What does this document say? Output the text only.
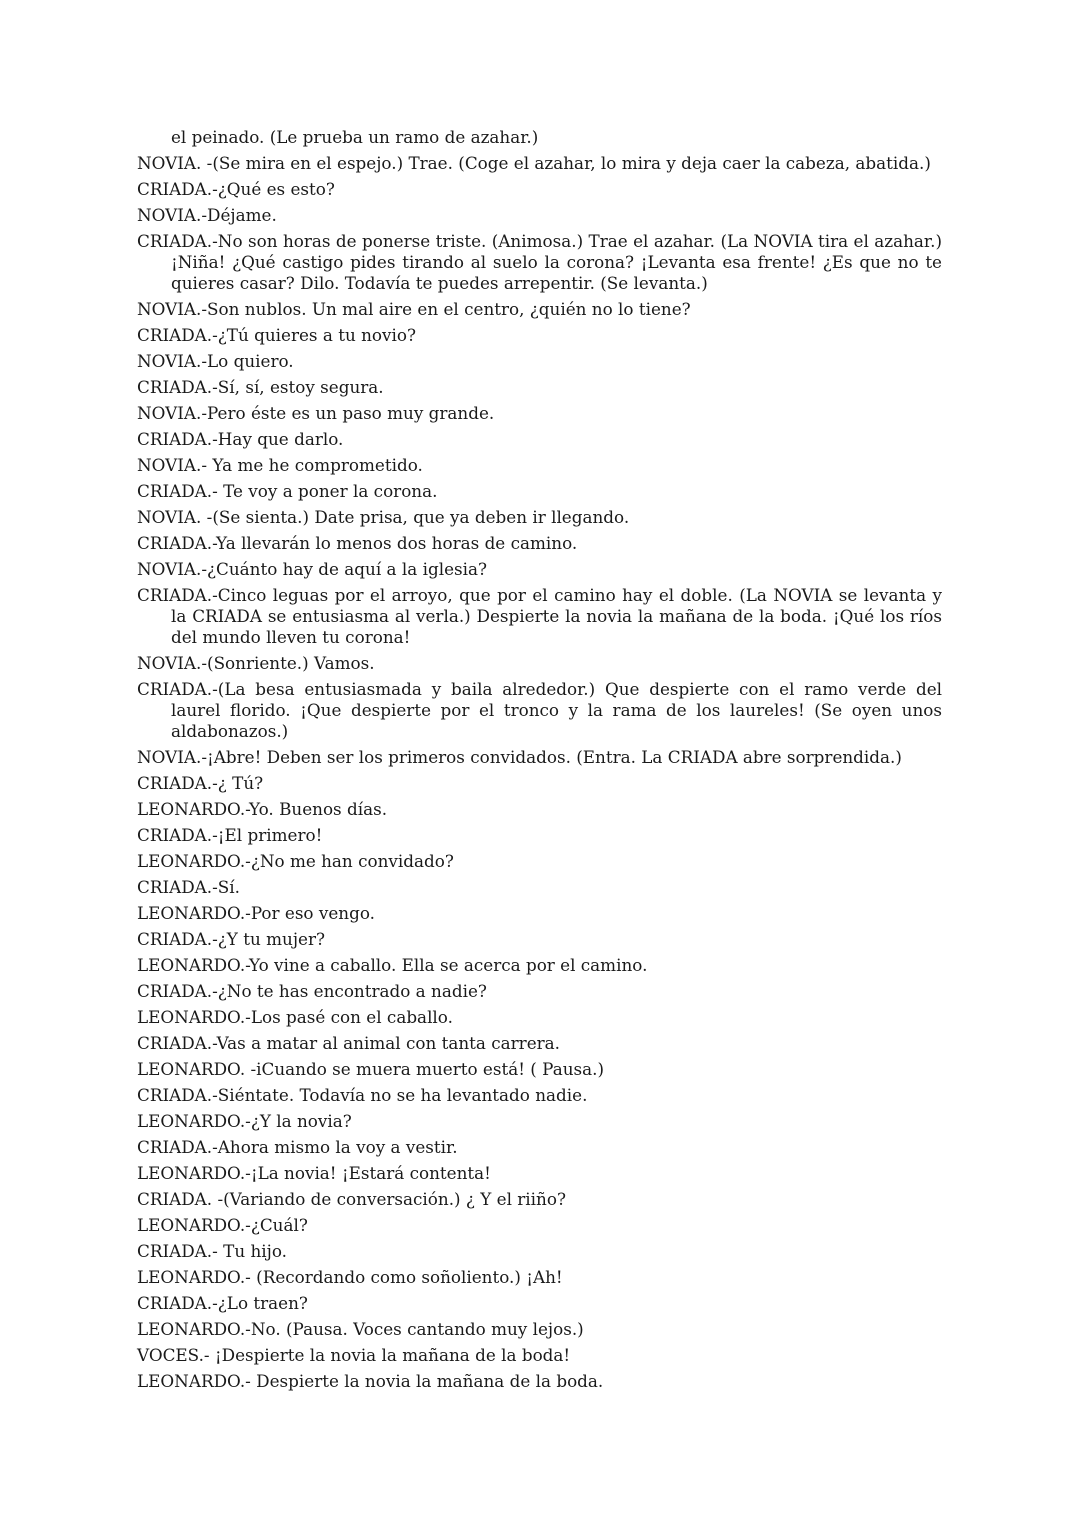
el peinado. (Le prueba un ramo de azahar.)

NOVIA. -(Se mira en el espejo.) Trae. (Coge el azahar, lo mira y deja caer la cabeza, abatida.)

CRIADA.-¿Qué es esto?

NOVIA.-Déjame.

CRIADA.-No son horas de ponerse triste. (Animosa.) Trae el azahar. (La NOVIA tira el azahar.) ¡Niña! ¿Qué castigo pides tirando al suelo la corona? ¡Levanta esa frente! ¿Es que no te quieres casar? Dilo. Todavía te puedes arrepentir. (Se levanta.)

NOVIA.-Son nublos. Un mal aire en el centro, ¿quién no lo tiene?

CRIADA.-¿Tú quieres a tu novio?

NOVIA.-Lo quiero.

CRIADA.-Sí, sí, estoy segura.

NOVIA.-Pero éste es un paso muy grande.

CRIADA.-Hay que darlo.

NOVIA.- Ya me he comprometido.

CRIADA.- Te voy a poner la corona.

NOVIA. -(Se sienta.) Date prisa, que ya deben ir llegando.

CRIADA.-Ya llevarán lo menos dos horas de camino.

NOVIA.-¿Cuánto hay de aquí a la iglesia?

CRIADA.-Cinco leguas por el arroyo, que por el camino hay el doble. (La NOVIA se levanta y la CRIADA se entusiasma al verla.) Despierte la novia la mañana de la boda. ¡Qué los ríos del mundo lleven tu corona!

NOVIA.-(Sonriente.) Vamos.

CRIADA.-(La besa entusiasmada y baila alrededor.) Que despierte con el ramo verde del laurel florido. ¡Que despierte por el tronco y la rama de los laureles! (Se oyen unos aldabonazos.)

NOVIA.-¡Abre! Deben ser los primeros convidados. (Entra. La CRIADA abre sorprendida.)

CRIADA.-¿ Tú?

LEONARDO.-Yo. Buenos días.

CRIADA.-¡El primero!

LEONARDO.-¿No me han convidado?

CRIADA.-Sí.

LEONARDO.-Por eso vengo.

CRIADA.-¿Y tu mujer?

LEONARDO.-Yo vine a caballo. Ella se acerca por el camino.

CRIADA.-¿No te has encontrado a nadie?

LEONARDO.-Los pasé con el caballo.

CRIADA.-Vas a matar al animal con tanta carrera.

LEONARDO. -iCuando se muera muerto está! ( Pausa.)

CRIADA.-Siéntate. Todavía no se ha levantado nadie.

LEONARDO.-¿Y la novia?

CRIADA.-Ahora mismo la voy a vestir.

LEONARDO.-¡La novia! ¡Estará contenta!

CRIADA. -(Variando de conversación.) ¿ Y el riiño?

LEONARDO.-¿Cuál?

CRIADA.- Tu hijo.

LEONARDO.- (Recordando como soñoliento.) ¡Ah!

CRIADA.-¿Lo traen?

LEONARDO.-No. (Pausa. Voces cantando muy lejos.)

VOCES.- ¡Despierte la novia la mañana de la boda!

LEONARDO.- Despierte la novia la mañana de la boda.
